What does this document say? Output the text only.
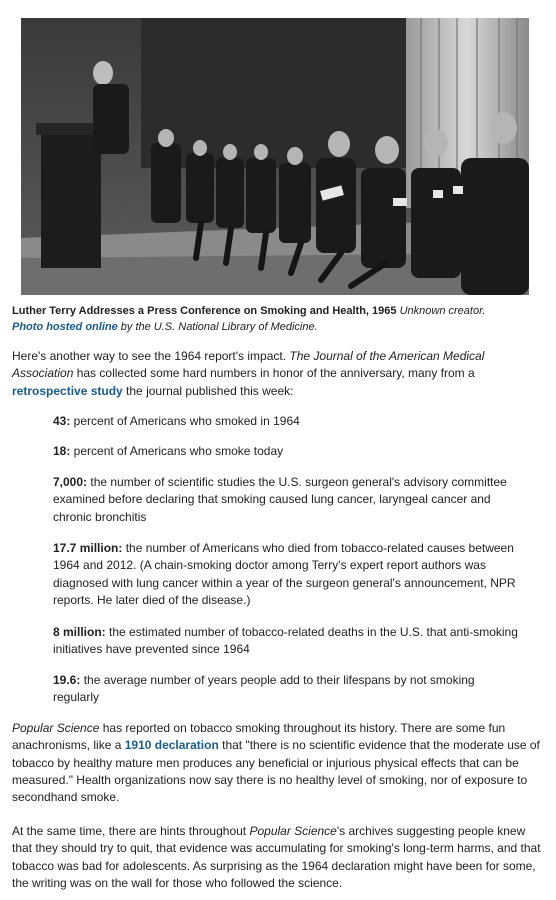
Luther Terry Addresses a Press Conference on Smoking and Health, 1965 Unknown creator.
Photo hosted online by the U.S. National Library of Medicine.

Here's another way to see the 1964 report's impact. The Journal of the American Medical Association has collected some hard numbers in honor of the anniversary, many from a retrospective study the journal published this week:

43: percent of Americans who smoked in 1964
18: percent of Americans who smoke today
7,000: the number of scientific studies the U.S. surgeon general's advisory committee examined before declaring that smoking caused lung cancer, laryngeal cancer and chronic bronchitis
17.7 million: the number of Americans who died from tobacco-related causes between 1964 and 2012. (A chain-smoking doctor among Terry's expert report authors was diagnosed with lung cancer within a year of the surgeon general's announcement, NPR reports. He later died of the disease.)
8 million: the estimated number of tobacco-related deaths in the U.S. that anti-smoking initiatives have prevented since 1964
19.6: the average number of years people add to their lifespans by not smoking regularly

Popular Science has reported on tobacco smoking throughout its history. There are some fun anachronisms, like a 1910 declaration that "there is no scientific evidence that the moderate use of tobacco by healthy mature men produces any beneficial or injurious physical effects that can be measured." Health organizations now say there is no healthy level of smoking, nor of exposure to secondhand smoke.

At the same time, there are hints throughout Popular Science's archives suggesting people knew that they should try to quit, that evidence was accumulating for smoking's long-term harms, and that tobacco was bad for adolescents. As surprising as the 1964 declaration might have been for some, the writing was on the wall for those who followed the science.
